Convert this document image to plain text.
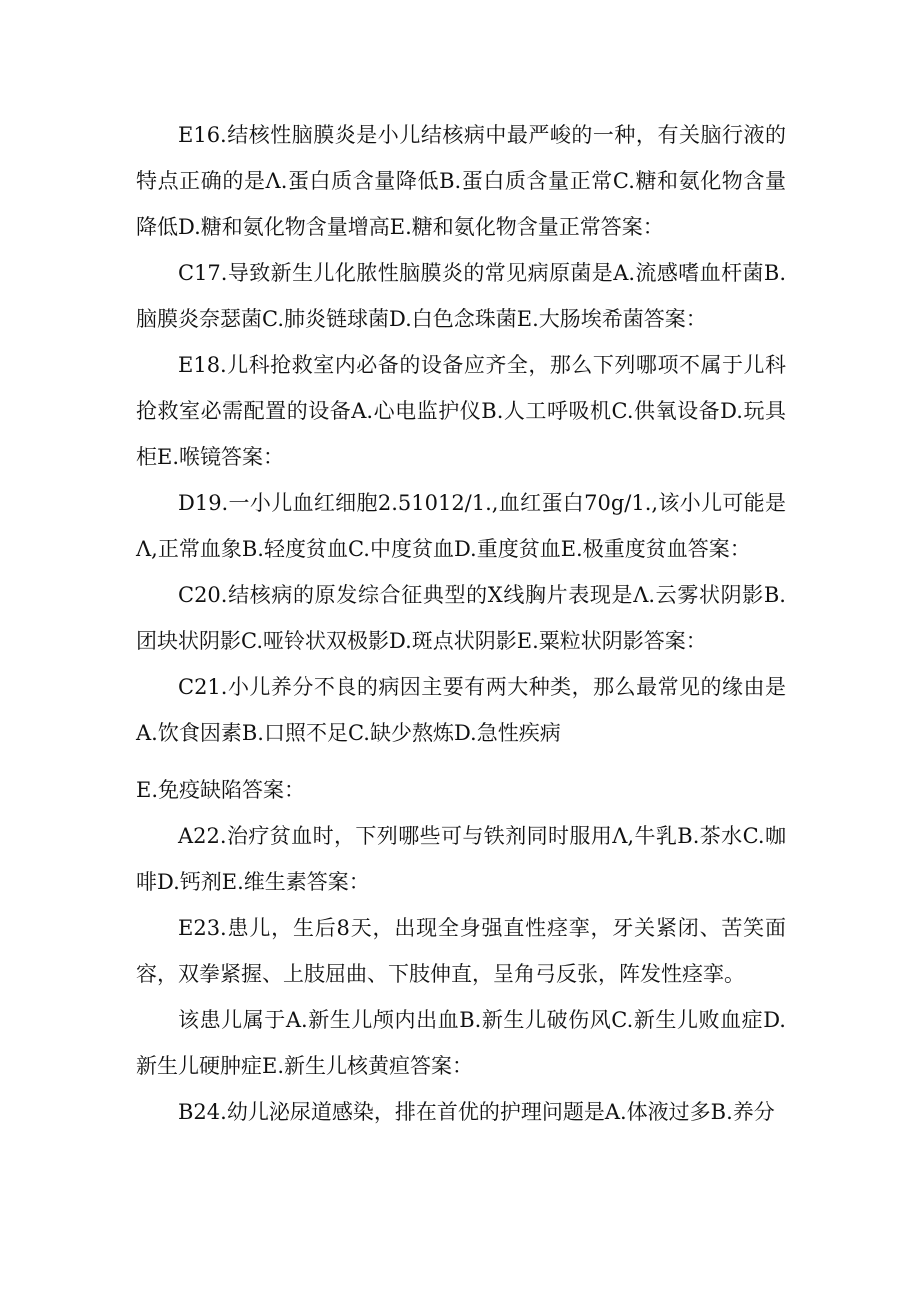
E16.结核性脑膜炎是小儿结核病中最严峻的一种，有关脑行液的特点正确的是Λ.蛋白质含量降低B.蛋白质含量正常C.糖和氨化物含量降低D.糖和氨化物含量增高E.糖和氨化物含量正常答案：

C17.导致新生儿化脓性脑膜炎的常见病原菌是A.流感嗜血杆菌B.脑膜炎奈瑟菌C.肺炎链球菌D.白色念珠菌E.大肠埃希菌答案：

E18.儿科抢救室内必备的设备应齐全，那么下列哪项不属于儿科抢救室必需配置的设备A.心电监护仪B.人工呼吸机C.供氧设备D.玩具柜E.喉镜答案：

D19.一小儿血红细胞2.51012/1.,血红蛋白70g/1.,该小儿可能是Λ,正常血象B.轻度贫血C.中度贫血D.重度贫血E.极重度贫血答案：

C20.结核病的原发综合征典型的X线胸片表现是Λ.云雾状阴影B.团块状阴影C.哑铃状双极影D.斑点状阴影E.粟粒状阴影答案：

C21.小儿养分不良的病因主要有两大种类，那么最常见的缘由是A.饮食因素B.口照不足C.缺少熬炼D.急性疾病

E.免疫缺陷答案：

A22.治疗贫血时，下列哪些可与铁剂同时服用Λ,牛乳B.茶水C.咖啡D.钙剂E.维生素答案：

E23.患儿，生后8天，出现全身强直性痉挛，牙关紧闭、苦笑面容，双拳紧握、上肢屈曲、下肢伸直，呈角弓反张，阵发性痉挛。

该患儿属于A.新生儿颅内出血B.新生儿破伤风C.新生儿败血症D.新生儿硬肿症E.新生儿核黄疸答案：

B24.幼儿泌尿道感染，排在首优的护理问题是A.体液过多B.养分
